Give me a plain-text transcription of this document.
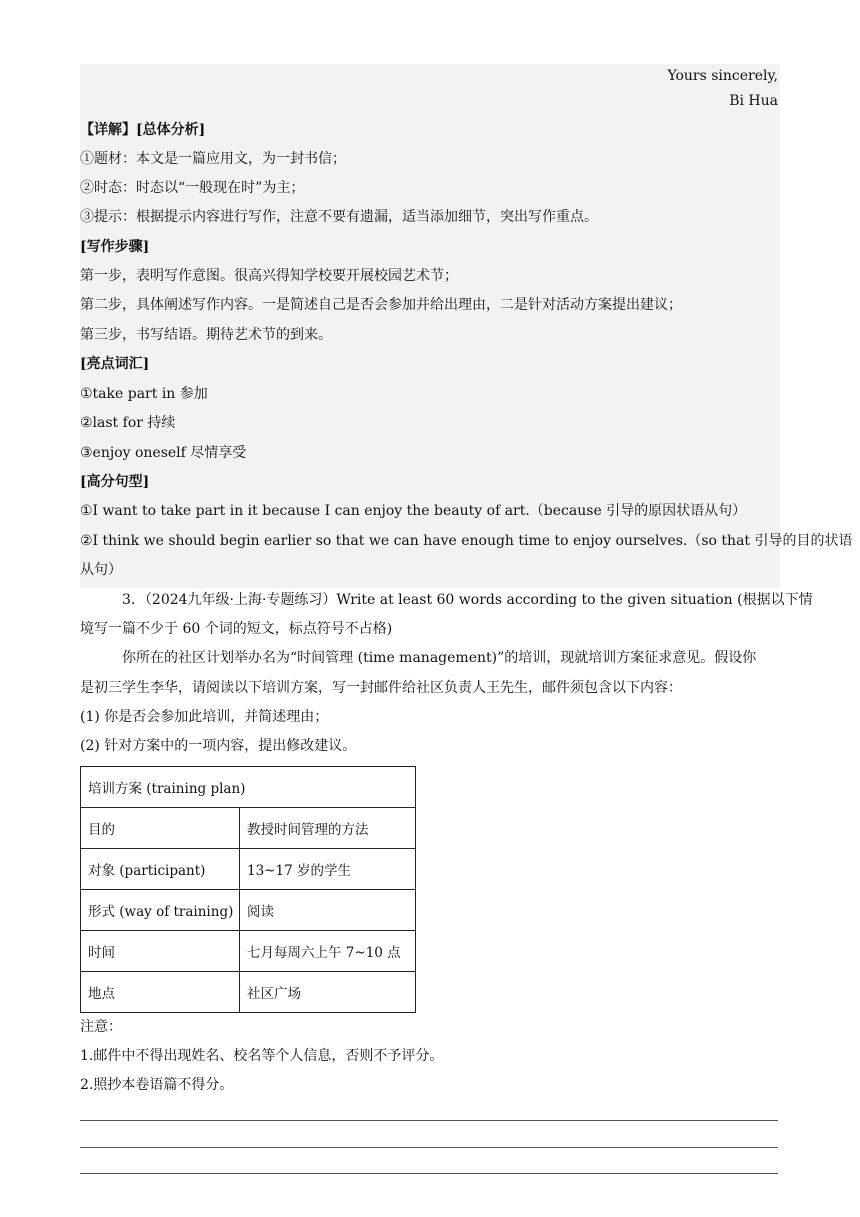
Yours sincerely,
Bi Hua
【详解】[总体分析]
①题材：本文是一篇应用文，为一封书信；
②时态：时态以“一般现在时”为主；
③提示：根据提示内容进行写作，注意不要有遗漏，适当添加细节，突出写作重点。
[写作步骤]
第一步，表明写作意图。很高兴得知学校要开展校园艺术节；
第二步，具体阐述写作内容。一是简述自己是否会参加并给出理由，二是针对活动方案提出建议；
第三步，书写结语。期待艺术节的到来。
[亮点词汇]
①take part in 参加
②last for 持续
③enjoy oneself 尽情享受
[高分句型]
①I want to take part in it because I can enjoy the beauty of art.（because 引导的原因状语从句）
②I think we should begin earlier so that we can have enough time to enjoy ourselves.（so that 引导的目的状语
从句）
3．（2024九年级·上海·专题练习）Write at least 60 words according to the given situation (根据以下情
境写一篇不少于 60 个词的短文，标点符号不占格)
你所在的社区计划举办名为“时间管理 (time management)”的培训，现就培训方案征求意见。假设你
是初三学生李华，请阅读以下培训方案，写一封邮件给社区负责人王先生，邮件须包含以下内容：
(1) 你是否会参加此培训，并简述理由；
(2) 针对方案中的一项内容，提出修改建议。
培训方案 (training plan)	
目的	教授时间管理的方法
对象 (participant)	13~17 岁的学生
形式 (way of training)	阅读
时间	七月每周六上午 7~10 点
地点	社区广场
注意：
1.邮件中不得出现姓名、校名等个人信息，否则不予评分。
2.照抄本卷语篇不得分。
